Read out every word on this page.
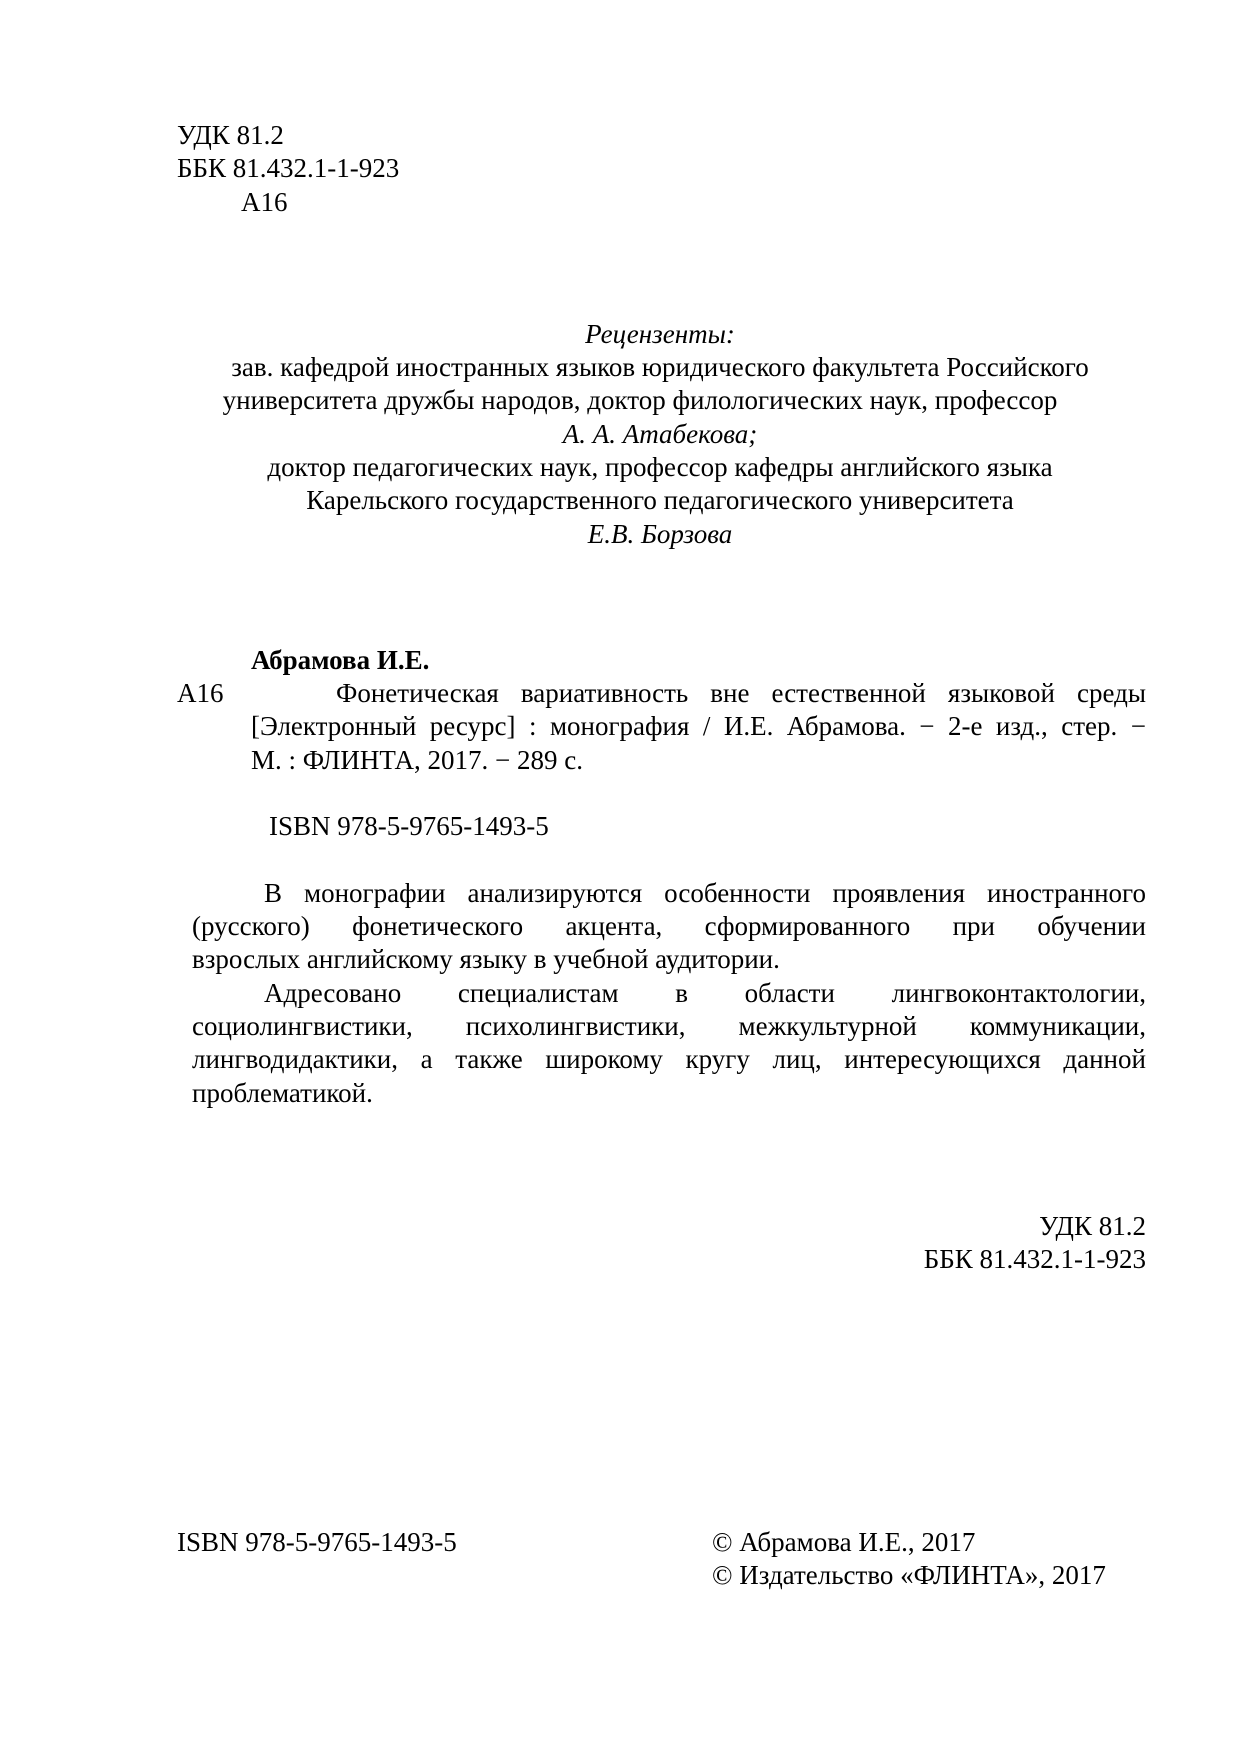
УДК 81.2
ББК 81.432.1-1-923
А16
Рецензенты:
зав. кафедрой иностранных языков юридического факультета Российского
университета дружбы народов, доктор филологических наук, профессор
А. А. Атабекова;
доктор педагогических наук, профессор кафедры английского языка
Карельского государственного педагогического университета
Е.В. Борзова
Абрамова И.Е.
А16	Фонетическая вариативность вне естественной языковой среды
[Электронный ресурс] : монография / И.Е. Абрамова. − 2-е изд., стер. −
М. : ФЛИНТА, 2017. − 289 с.
ISBN 978-5-9765-1493-5
В монографии анализируются особенности проявления иностранного
(русского) фонетического акцента, сформированного при обучении
взрослых английскому языку в учебной аудитории.
Адресовано специалистам в области лингвоконтактологии,
социолингвистики, психолингвистики, межкультурной коммуникации,
лингводидактики, а также широкому кругу лиц, интересующихся данной
проблематикой.
УДК 81.2
ББК 81.432.1-1-923
ISBN 978-5-9765-1493-5	© Абрамова И.Е., 2017
© Издательство «ФЛИНТА», 2017
